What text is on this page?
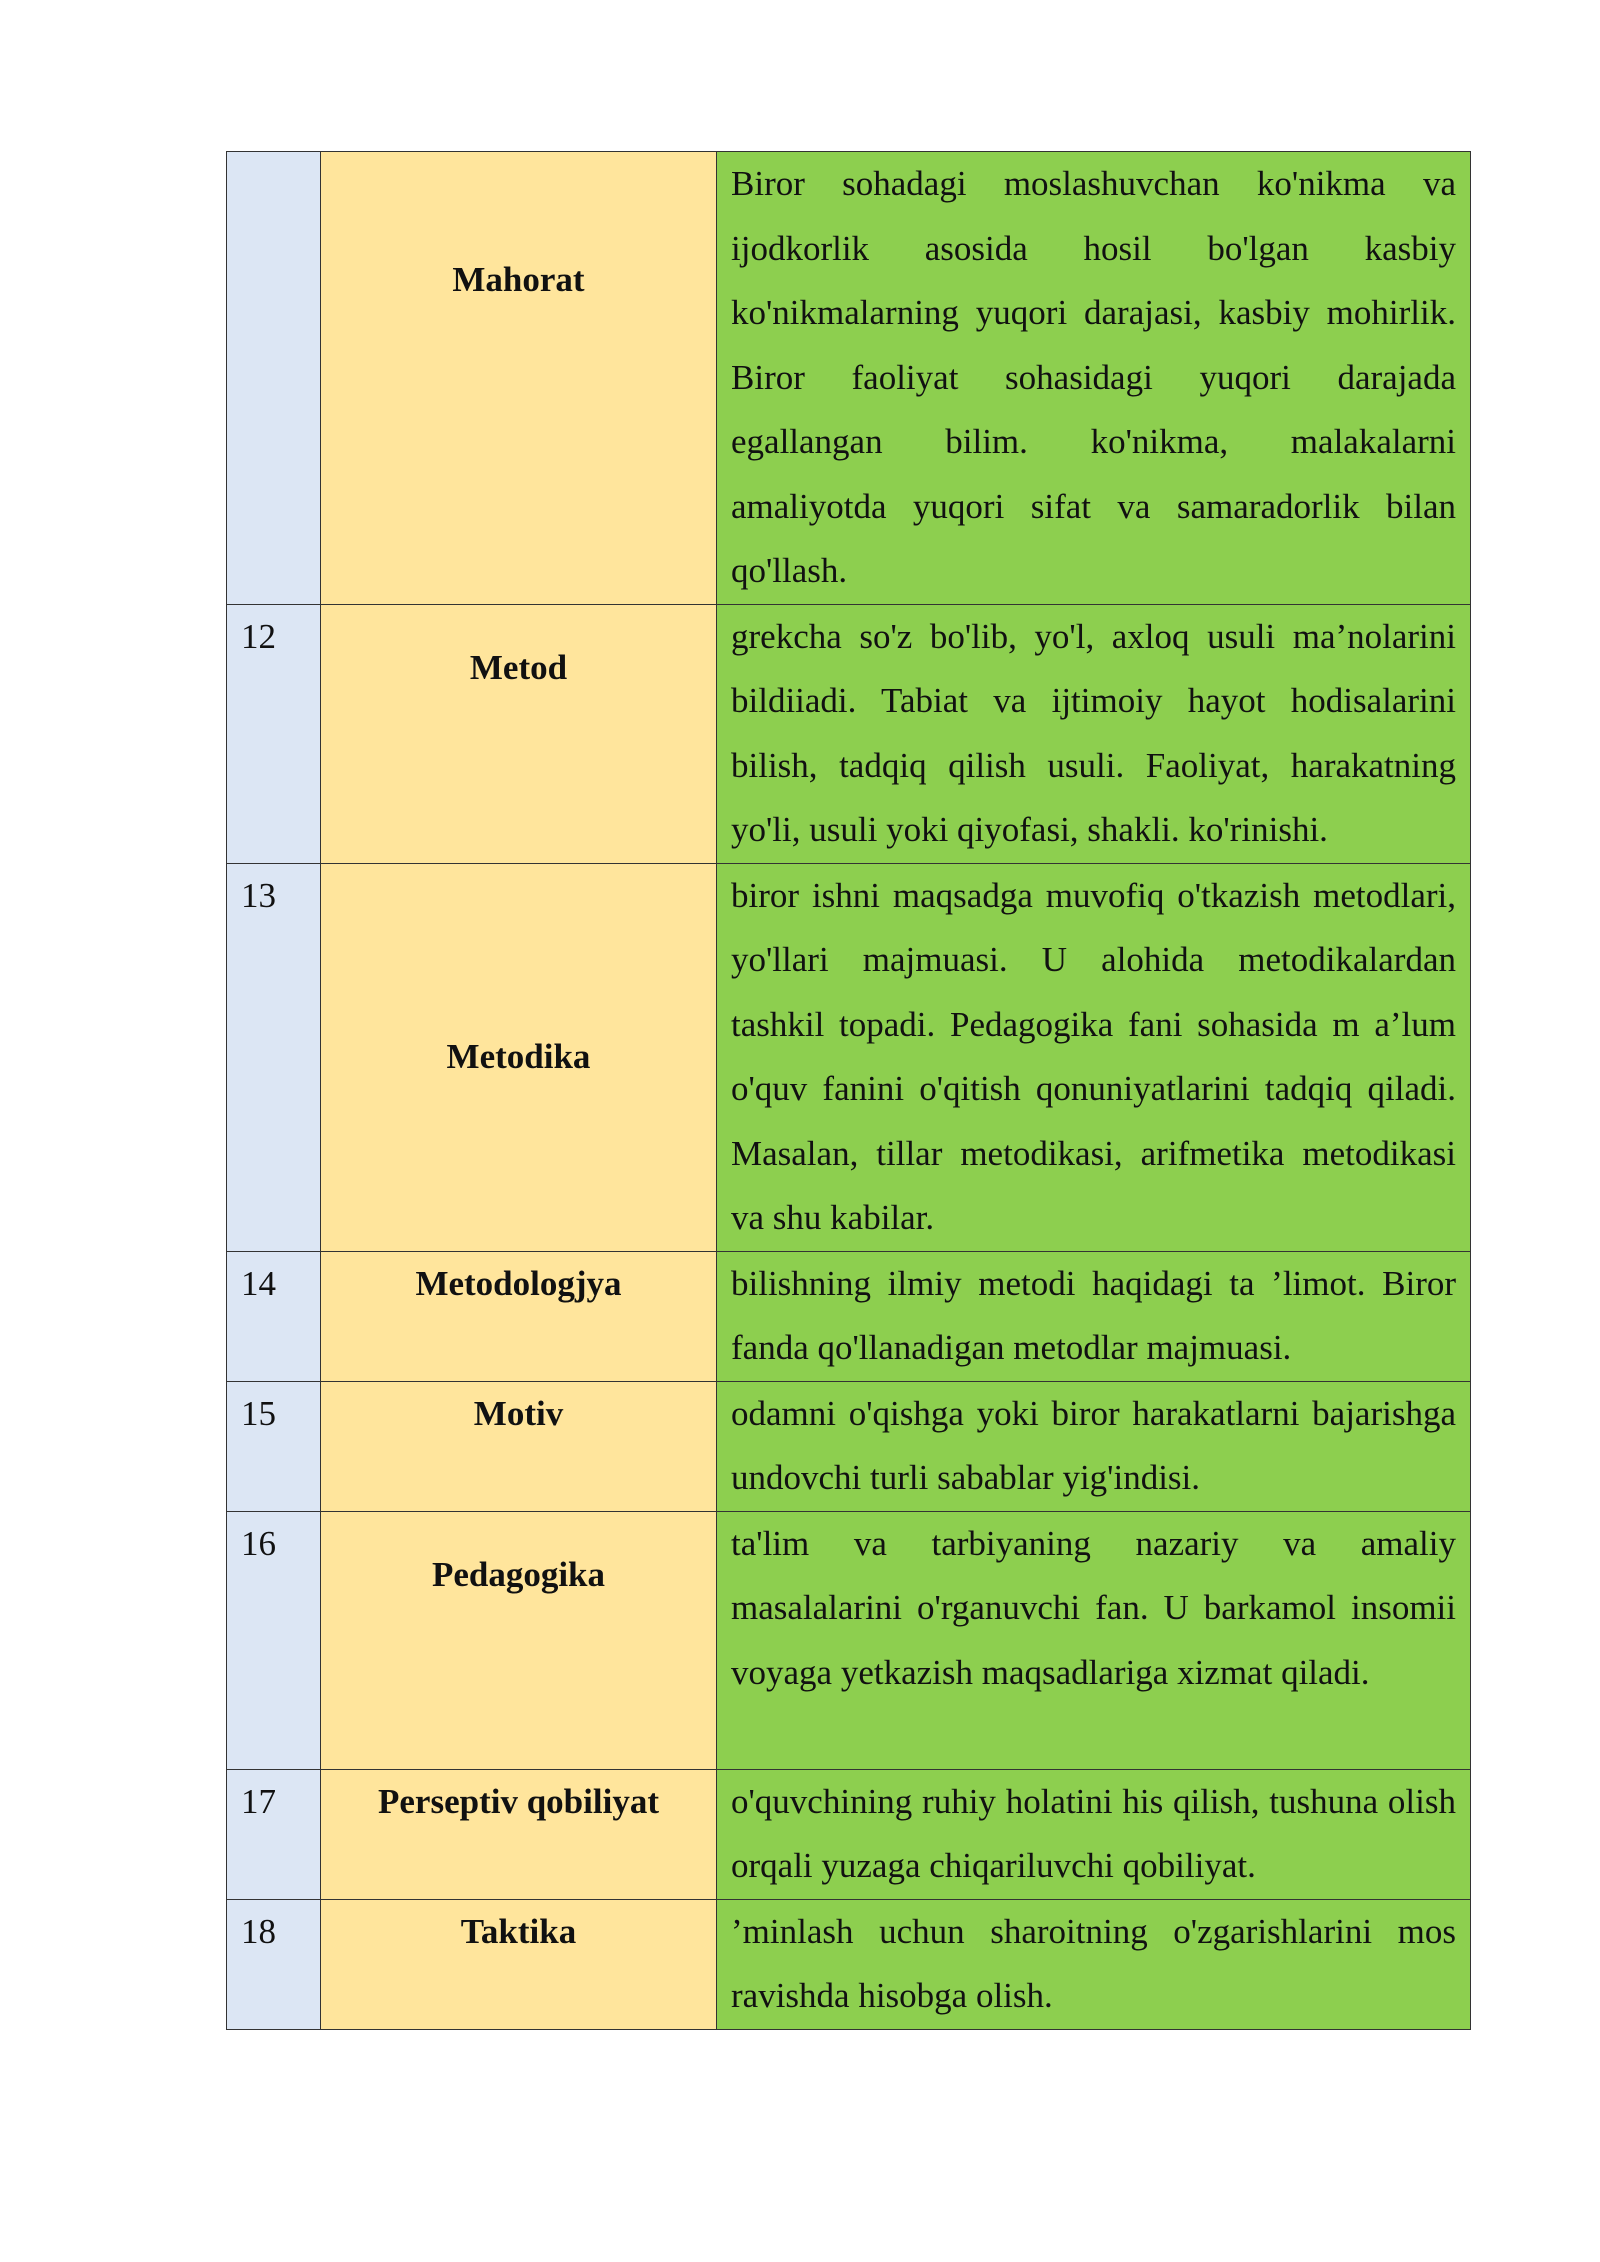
	Mahorat	Biror sohadagi moslashuvchan ko'nikma va ijodkorlik asosida hosil bo'lgan kasbiy ko'nikmalarning yuqori darajasi, kasbiy mohirlik. Biror faoliyat sohasidagi yuqori darajada egallangan bilim. ko'nikma, malakalarni amaliyotda yuqori sifat va samaradorlik bilan qo'llash.

12	Metod	grekcha so'z bo'lib, yo'l, axloq usuli ma’nolarini bildiiadi. Tabiat va ijtimoiy hayot hodisalarini bilish, tadqiq qilish usuli. Faoliyat, harakatning yo'li, usuli yoki qiyofasi, shakli. ko'rinishi.

13	Metodika	biror ishni maqsadga muvofiq o'tkazish metodlari, yo'llari majmuasi. U alohida metodikalardan tashkil topadi. Pedagogika fani sohasida m a’lum o'quv fanini o'qitish qonuniyatlarini tadqiq qiladi. Masalan, tillar metodikasi, arifmetika metodikasi va shu kabilar.

14	Metodologjya	bilishning ilmiy metodi haqidagi ta ’limot. Biror fanda qo'llanadigan metodlar majmuasi.

15	Motiv	odamni o'qishga yoki biror harakatlarni bajarishga undovchi turli sabablar yig'indisi.

16	Pedagogika	ta'lim va tarbiyaning nazariy va amaliy masalalarini o'rganuvchi fan. U barkamol insomii voyaga yetkazish maqsadlariga xizmat qiladi.

17	Perseptiv qobiliyat	o'quvchining ruhiy holatini his qilish, tushuna olish orqali yuzaga chiqariluvchi qobiliyat.

18	Taktika	’minlash uchun sharoitning o'zgarishlarini mos ravishda hisobga olish.
